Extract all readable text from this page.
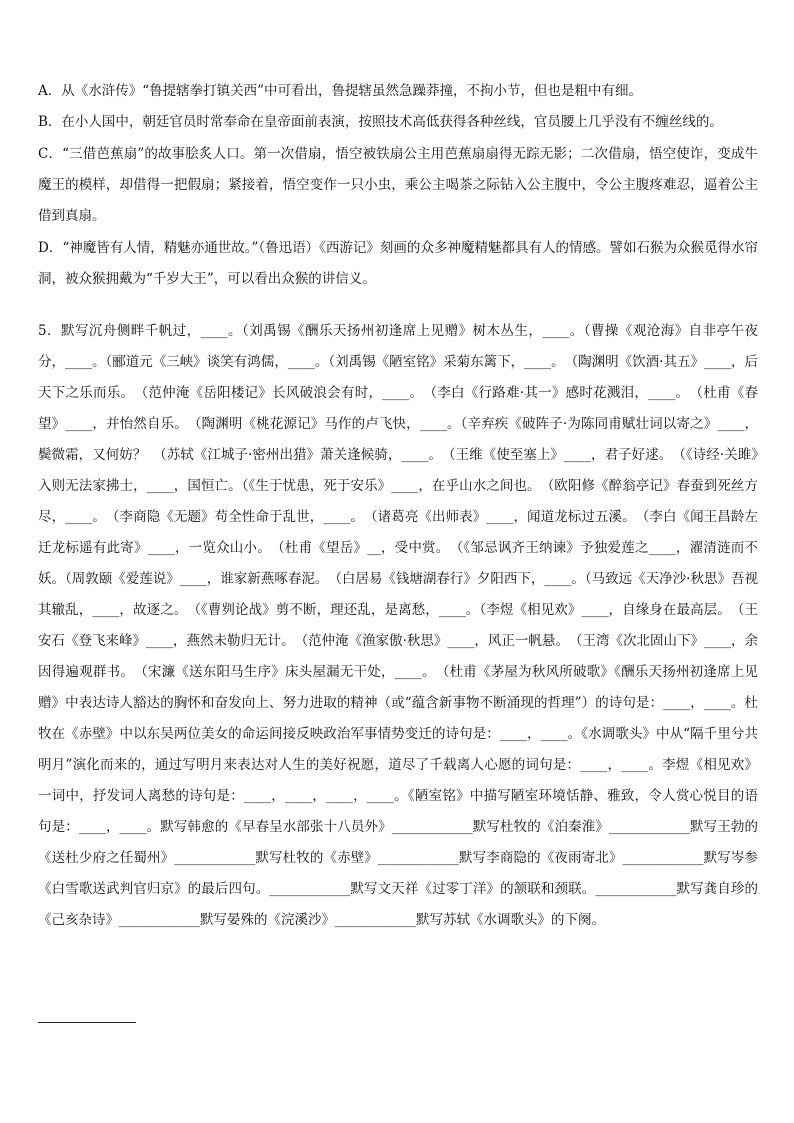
A．从《水浒传》“鲁提辖拳打镇关西”中可看出，鲁提辖虽然急躁莽撞，不拘小节，但也是粗中有细。

B．在小人国中，朝廷官员时常奉命在皇帝面前表演，按照技术高低获得各种丝线，官员腰上几乎没有不缠丝线的。

C．“三借芭蕉扇”的故事脍炙人口。第一次借扇，悟空被铁扇公主用芭蕉扇扇得无踪无影；二次借扇，悟空使诈，变成牛魔王的模样，却借得一把假扇；紧接着，悟空变作一只小虫，乘公主喝茶之际钻入公主腹中，令公主腹疼难忍，逼着公主借到真扇。

D．“神魔皆有人情，精魅亦通世故。”（鲁迅语）《西游记》刻画的众多神魔精魅都具有人的情感。譬如石猴为众猴觅得水帘洞，被众猴拥戴为“千岁大王”，可以看出众猴的讲信义。

5．默写沉舟侧畔千帆过，____。（刘禹锡《酬乐天扬州初逢席上见赠》树木丛生，____。（曹操《观沧海》自非亭午夜分，____。（郦道元《三峡》谈笑有鸿儒，____。（刘禹锡《陋室铭》采菊东篱下，____。　（陶渊明《饮酒·其五》____，后天下之乐而乐。　（范仲淹《岳阳楼记》长风破浪会有时，____。　（李白《行路难·其一》感时花溅泪，____。　（杜甫《春望》____，并怡然自乐。　（陶渊明《桃花源记》马作的卢飞快，____。（辛弃疾《破阵子·为陈同甫赋壮词以寄之》____，鬓微霜，又何妨？　（苏轼《江城子·密州出猎》萧关逢候骑，____。　（王维《使至塞上》____，君子好逑。　（《诗经·关雎》入则无法家拂士，____，国恒亡。（《生于忧患，死于安乐》____，在乎山水之间也。　（欧阳修《醉翁亭记》春蚕到死丝方尽，____。　（李商隐《无题》苟全性命于乱世，____。　（诸葛亮《出师表》____，闻道龙标过五溪。　（李白《闻王昌龄左迁龙标遥有此寄》____，一览众山小。　（杜甫《望岳》__，受中赏。　（《邹忌讽齐王纳谏》予独爱莲之____，濯清涟而不妖。（周敦颐《爱莲说》____，谁家新燕啄春泥。　（白居易《钱塘湖春行》夕阳西下，____。（马致远《天净沙·秋思》吾视其辙乱，____，故逐之。　（《曹刿论战》剪不断，理还乱，是离愁，____。（李煜《相见欢》____，自缘身在最高层。　（王安石《登飞来峰》____，燕然未勒归无计。　（范仲淹《渔家傲·秋思》____，风正一帆悬。　（王湾《次北固山下》____，余因得遍观群书。　（宋濂《送东阳马生序》床头屋漏无干处，____。　（杜甫《茅屋为秋风所破歌》《酬乐天扬州初逢席上见赠》中表达诗人豁达的胸怀和奋发向上、努力进取的精神（或“蕴含新事物不断涌现的哲理”）的诗句是：____，____。杜牧在《赤壁》中以东吴两位美女的命运间接反映政治军事情势变迁的诗句是：____，____。《水调歌头》中从“隔千里兮共明月”演化而来的，通过写明月来表达对人生的美好祝愿，道尽了千载离人心愿的词句是：____，____。李煜《相见欢》一词中，抒发词人离愁的诗句是：____，____，____，____。《陋室铭》中描写陋室环境恬静、雅致，令人赏心悦目的语句是：____，____。默写韩愈的《早春呈水部张十八员外》____________默写杜牧的《泊秦淮》____________默写王勃的《送杜少府之任蜀州》____________默写杜牧的《赤壁》____________默写李商隐的《夜雨寄北》____________默写岑参《白雪歌送武判官归京》的最后四句。____________默写文天祥《过零丁洋》的颔联和颈联。____________默写龚自珍的《己亥杂诗》____________默写晏殊的《浣溪沙》____________默写苏轼《水调歌头》的下阕。
